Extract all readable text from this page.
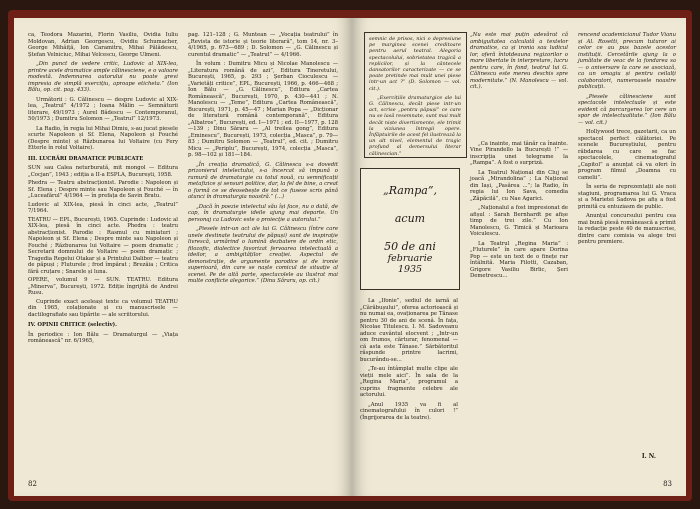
ca, Teodora Mazarini, Florin Vasiliu, Ovidia Iuliu Moldovan, Adrian Georgescu, Ovidiu Schumacher, George Mihăiță, Ion Caramitru, Mihai Pălădescu, Ștefan Velniciuc, Mihai Velcescu, George Ulmeni.

„Din punct de vedere critic, Ludovic al XIX-lea, printre acele dramatice ample călinesciene, e o valoare modestă. Indemnarea autorului nu poate grevi impresia de simplă exercițiu, aproape eticheta.” (Ion Bălu, op. cit. pag. 433).

Următorii : G. Călinescu — despre Ludovic al XIX-lea, „Teatrul” 4/1972 ; Ioana Mălin — Semnăturii literare, 49/1973 ; Aurel Bădescu — Contemporanul, 50/1973 ; Dumitru Solomon — „Teatrul” 12/1973.

La Radio, în regia lui Mihai Dimiu, s-au jucat piesele scurte Napoleon și Sf. Elena, Napoleon și Fouché (Despre minte) și Răzbunarea lui Voltaire (cu Fery Etterle în rolul Voltaire).

III. LUCRĂRI DRAMATICE PUBLICATE

SUN sau Calea neturburată, mit mongol — Editura „Cocjan”, 1943 ; ediția a II-a ESPLA, București, 1958.

Phedra — Teatru abstracționist. Parodie : Napoleon și Sf. Elena ; Despre minte sau Napoleon și Fouché — în „Luceafărul” 4/1964 — în prefața de Savin Bratu.

Ludovic al XIX-lea, piesă în cinci acte, „Teatrul” 7/1964.

TEATRU — EPL, București, 1965. Cuprinde : Ludovic al XIX-lea, piesă în cinci acte. Phedra : teatru abstracționist. Parodie : Rasmul cu miniaturi ; Napoleon și Sf. Elena ; Despre minte sau Napoleon și Fouché ; Răzbunarea lui Voltaire — poem dramatic ; Secretarii domnului de Voltaire — poem dramatic ; Tragedia Regelui Otakar și a Printului Dalibor — teatru de păpuși ; Fluturele ; frod împărat ; Brezăia ; Critica fără cruțare ; Snarele și luna.

OPERE, volumul 9 — SUN. TEATRU. Editura „Minerva”, București, 1972. Ediție îngrijită de Andrei Rusu.

Cuprinde exact aceleași texte ca volumul TEATRU din 1965, colaționate și cu manuscrisele — dactilografiate sau tipărite — ale scriitorului.

IV. OPINII CRITICE (selectiv).

În periodice : Ion Bălu — Dramaturgul — „Viața românească” nr. 6/1965,

pag. 121–128 ; G. Muntean — „Vocația teatrului” în „Revista de istorie și teorie literară”, tom 14, nr. 3–4/1965, p. 673—689 ; D. Solomon — „G. Călinescu și curentul dramatic” — „Teatrul” — 4/1966.

În volum : Dumitru Micu și Nicolae Manolescu — „Literatura română de azi”, Editura Tineretului, București, 1965, p. 293 ; Șerban Cioculescu — „Varietăți critice”, EPL, București, 1966, p. 466—468 ; Ion Bălu — „G. Călinescu”, Editura „Cartea Românească”, București, 1970, p. 430—441 ; N. Manolescu — „Teme”, Editura „Cartea Românească”, București, 1971, p. 45—47 ; Marian Popa — „Dicționar de literatură română contemporană”, Editura „Albatros”, București, ed. I—1971 ; ed. II—1977, p. 128—139 ; Dinu Săraru — „Al treilea gong”, Editura „Eminescu”, București, 1973, colecția „Masca”, p. 79—83 ; Dumitru Solomon — „Teatrul”, ed. cit. ; Dumitru Micu — „Periplu”, București, 1974, colecția „Masca”, p. 98—102 și 181—184.

„În creația dramatică, G. Călinescu s-a dovedit prizonierul intelectului, s-a încercat să impună o ramură de dramaturgie cu totul nouă, cu semnificații metafizice și sensuri politice, dar, la fel de bine, a creat o formă ce se deosebește de tot ce fusese scris până atunci în dramaturgia noastră.” (...)

„Dacă în poezie intelectul său își face, nu o dată, de cap, în dramaturgie ideile ajung mai departe. Un personaj ca Ludovic este o proiecție a autorului.”

„Piesele intr-un act ale lui G. Călinescu (între care unele destinate teatrului de păpuși) sunt de inspirație livrescă, urmărind o lumină dezbatere de ordin etic, filozofic, dialectice favorizat fervoarea intelectuală a ideilor, a ambigităților creației. Aspectul de demonstrație, de argumente parodice și de ironie superioară, din care se naște comicul de situație al scenei. Pe de altă parte, spectacolele au ilustrat mai multe conflicte alegorice.” (Dinu Săraru, op. cit.)

82

semnic de prisos, nici o depresiune pe marginea scenei creditoare pentru aerul teatral. Alegoria spectacolului, sobrietatea tragică a replicilor, și la cântecele dansatorilor caracterizate — ce se poate pretinde mai mult unei piese intr-un act ?” (D. Solomon — vol. cit.).

„Exercițiile dramaturgice ale lui G. Călinescu, decât piese intr-un act, scrise „pentru păpuși” ce care nu se lasă resemnate, sunt mai mult decât niște divertismente, ele trimit la viziunea întregii opere. Înfăptuirile de acest fel ilustrează la un alt nivel, elementul de tragic profund al demersului literar călinescian.”

„Rampa”,
acum
50 de ani
februarie
1935

La „Ifonie”, sediul de iarnă al „Cărăbușului”, oferea actorioască și nu numai ea, ovaționarea pe Tănase pentru 30 de ani de scenă. În fața, Nicolae Titulescu. I. M. Sadoveanu aduce cuvântul elocvent ; „Intr-un om frumos, cărturar, fenomenal — că asta este Tănase.” Sărbătoritul răspunde printre lacrimi, bucurându-se...

„Te-au întâmplat multe clipe ale vieții mele aici”. În sala de la „Regina Maria”, programul a cuprins fragmente celebre ale actorului.

„Anul 1935 va fi al cinematografului în culori !” (Îngrijorarea de la teatre).

„Nu este mai puțin adevărat că ambiguitatea calculată a textelor dramatice, ca și ironia sau ludicul lor, oferă întotdeauna regizorilor o mare libertate în interpretare, lucru pentru care, în fond, teatrul lui G. Călinescu este mereu deschis spre modernitate.” (N. Manolescu — vol. cit.).

„Ca inainte, mai tânăr ca înainte. Vine Pirandello la București !” — inscripția unei telegrame la „Rampa”. A fost o surpriză.

La Teatrul Național din Cluj se joacă „Mirandolina” ; La Național din Iași, „Pasărea ...”; la Radio, în regia lui Ion Sava, comedia „Zăpăcilă”, cu Nae Agarici.

„Naționalul a fost impresionat de afișul : Sarah Bernhardt pe afișe timp de trei zile.” Cu Ion Manolescu, G. Timică și Marioara Voiculescu.

La Teatrul „Regina Maria” : „Fluturele” în care apare Dorina Pop — este un text de o finețe rar întâlnită. Maria Filotti, Cazaban, Grigore Vasiliu Birlic, Șeri Demetrescu...

rencend academicianul Tudor Vianu și Al. Rosetti, precum tuturor ai celor ce au pus bazele acestor instituții. Cercetările ajung la o jumătate de veac de la fondarea sa — o aniversare la care se asociază, ca un omagiu și pentru ceilalți colaboratori, numeroasele noastre publicații.

„Piesele călinesciene sunt spectacole intelectuale și este evident că parcurgerea lor cere un spor de intelectualitate.” (Ion Bălu — vol. cit.)

Hollywood trece, gazetarii, ca un spectacol perfect călătoriei. Pe scenele Bucureștiului, pentru răbdarea cu care se fac spectacolele, cinematograful „Capitol” a anunțat că va oferi în program filmul „Doamna cu camelii”.

În seria de reprezentații ale noii stagiuni, programarea lui G. Vraca și a Marietei Sadova pe afiș a fost primită cu entuziasm de public.

Anunțul concursului pentru cea mai bună piesă românească a primit la redacție peste 40 de manuscrise, dintre care comisia va alege trei pentru premiere.

I. N.
83
